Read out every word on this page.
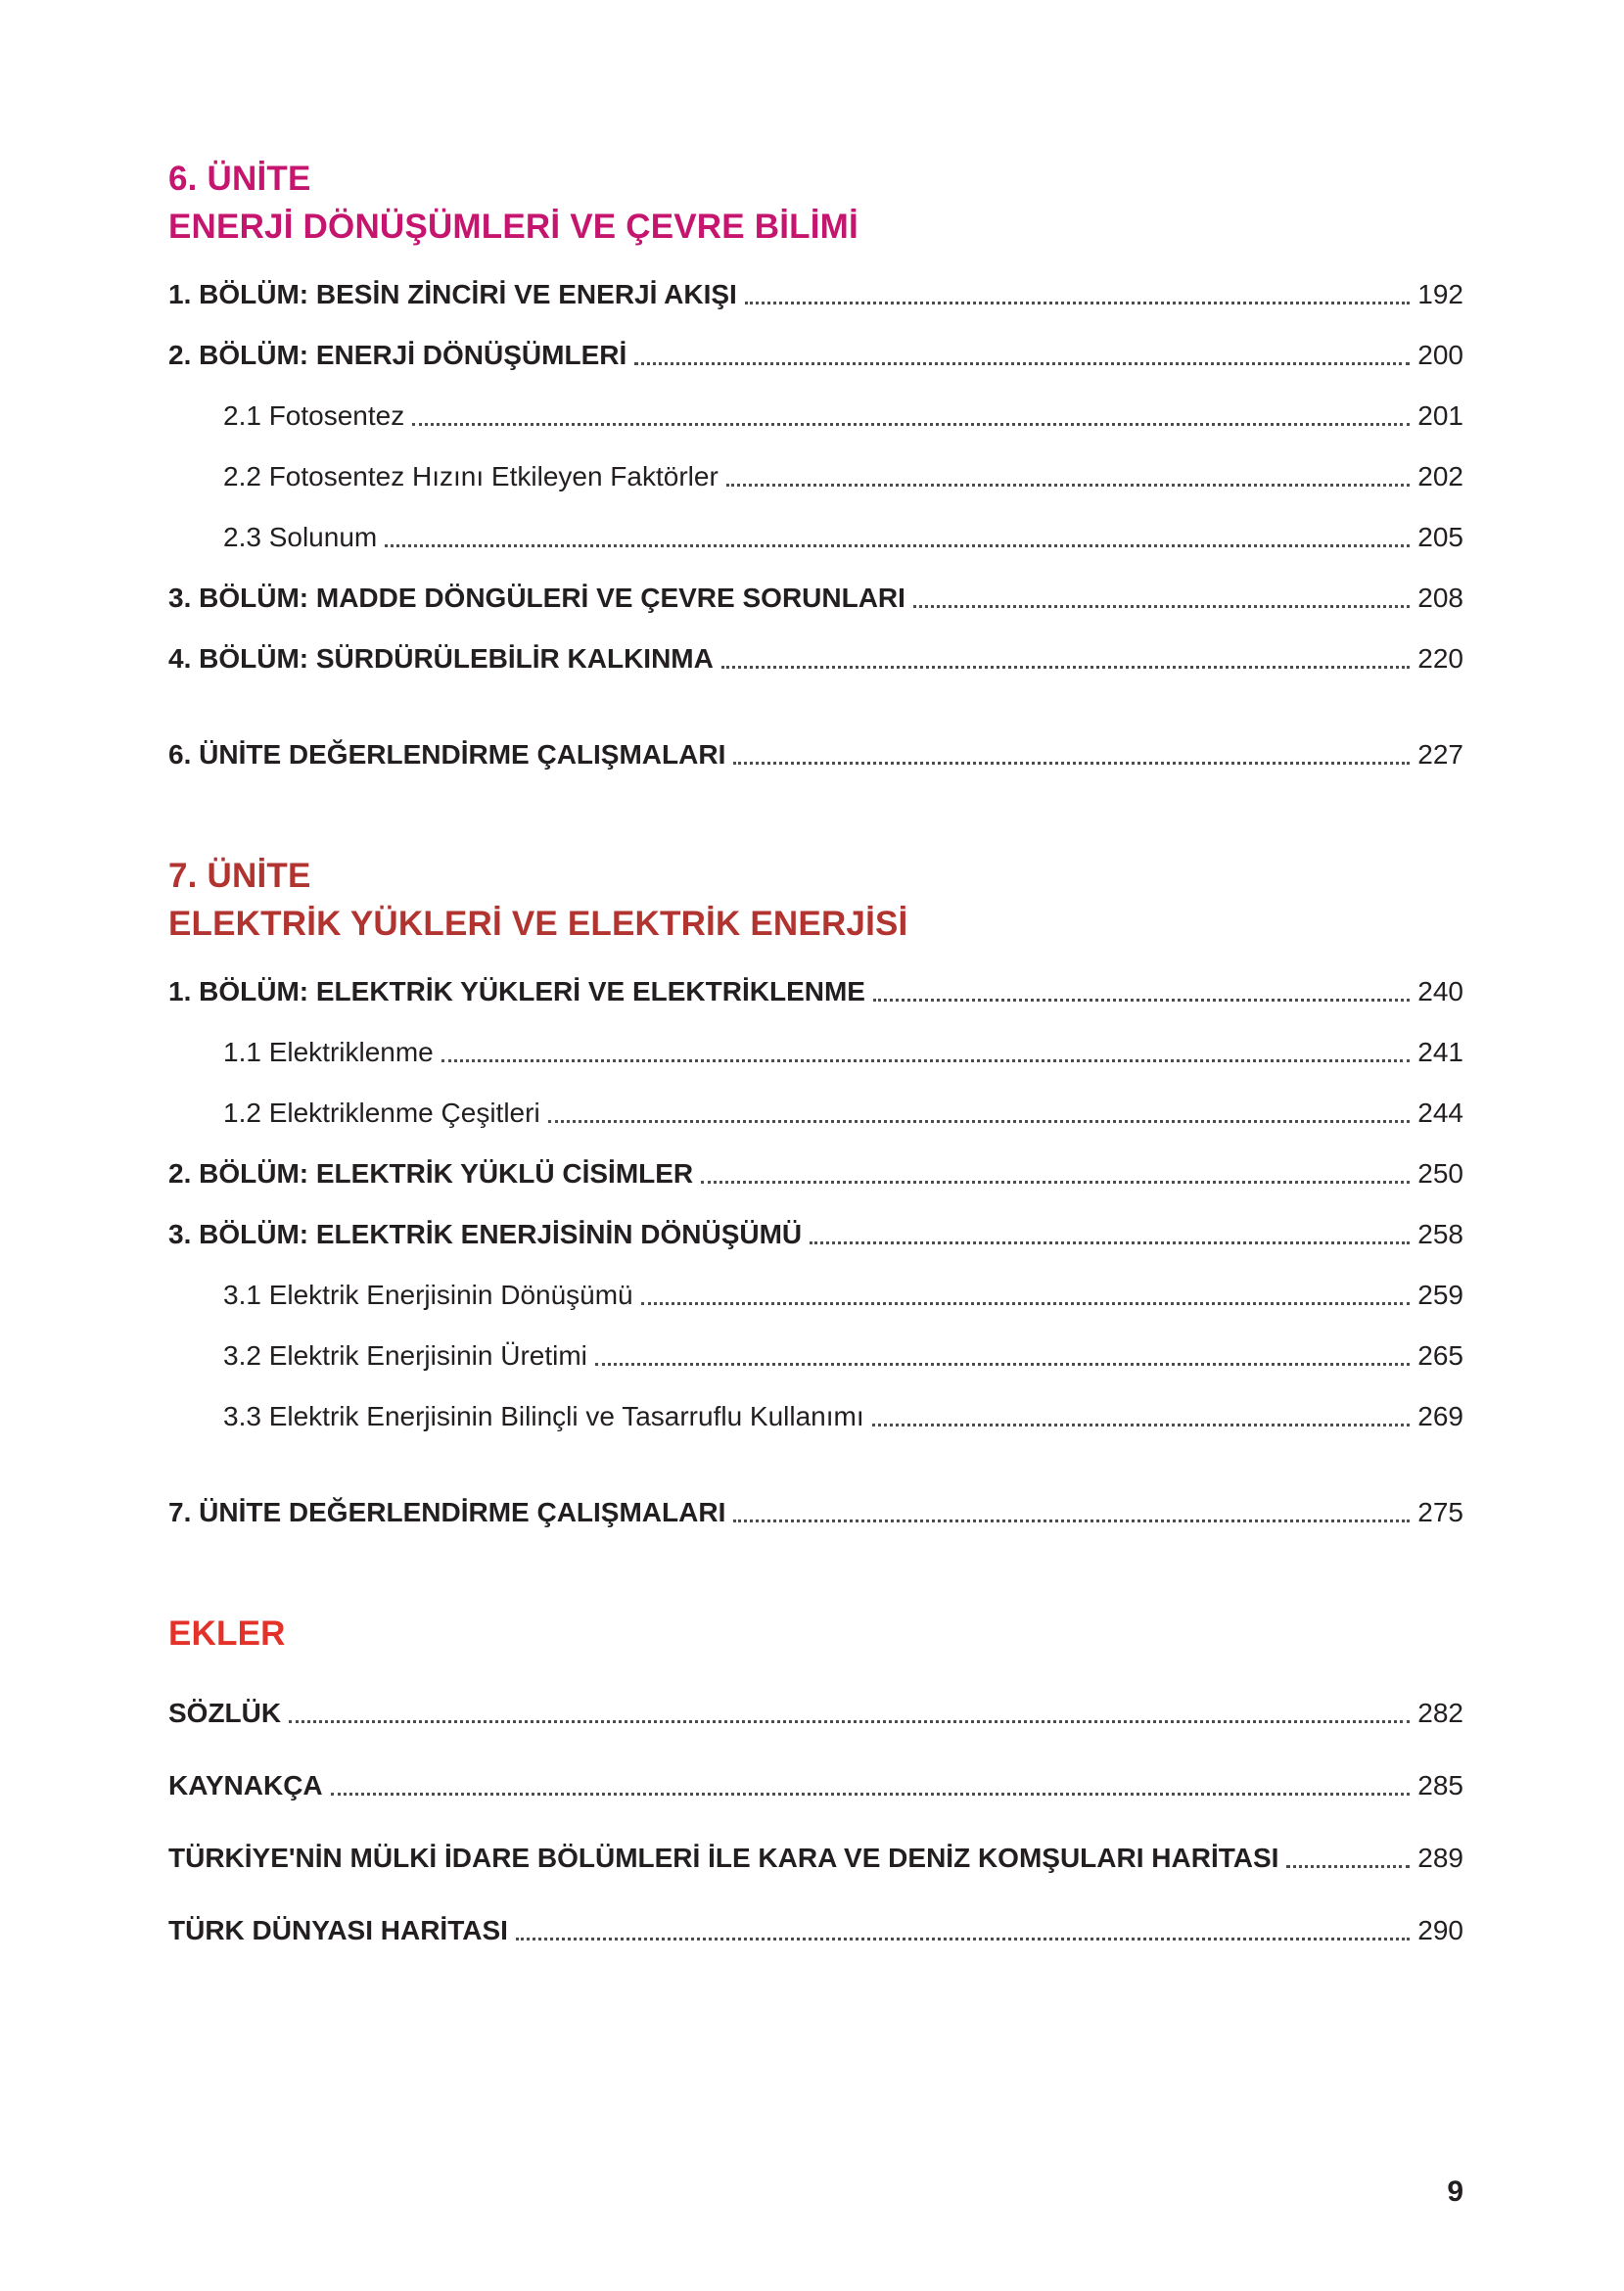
6. ÜNİTE
ENERJİ DÖNÜŞÜMLERİ VE ÇEVRE BİLİMİ
1. BÖLÜM: BESİN ZİNCİRİ VE ENERJİ AKIŞI	192
2. BÖLÜM: ENERJİ DÖNÜŞÜMLERİ	200
2.1 Fotosentez	201
2.2 Fotosentez Hızını Etkileyen Faktörler	202
2.3 Solunum	205
3. BÖLÜM: MADDE DÖNGÜLERİ VE ÇEVRE SORUNLARI	208
4. BÖLÜM: SÜRDÜRÜLEBİLİR KALKINMA	220
6. ÜNİTE DEĞERLENDİRME ÇALIŞMALARI	227
7. ÜNİTE
ELEKTRİK YÜKLERİ VE ELEKTRİK ENERJİSİ
1. BÖLÜM: ELEKTRİK YÜKLERİ VE ELEKTRİKLENME	240
1.1 Elektriklenme	241
1.2 Elektriklenme Çeşitleri	244
2. BÖLÜM: ELEKTRİK YÜKLÜ CİSİMLER	250
3. BÖLÜM: ELEKTRİK ENERJİSİNİN DÖNÜŞÜMÜ	258
3.1 Elektrik Enerjisinin Dönüşümü	259
3.2 Elektrik Enerjisinin Üretimi	265
3.3 Elektrik Enerjisinin Bilinçli ve Tasarruflu Kullanımı	269
7. ÜNİTE DEĞERLENDİRME ÇALIŞMALARI	275
EKLER
SÖZLÜK	282
KAYNAKÇA	285
TÜRKİYE'NİN MÜLKİ İDARE BÖLÜMLERİ İLE KARA VE DENİZ KOMŞULARI HARİTASI	289
TÜRK DÜNYASI HARİTASI	290
9
